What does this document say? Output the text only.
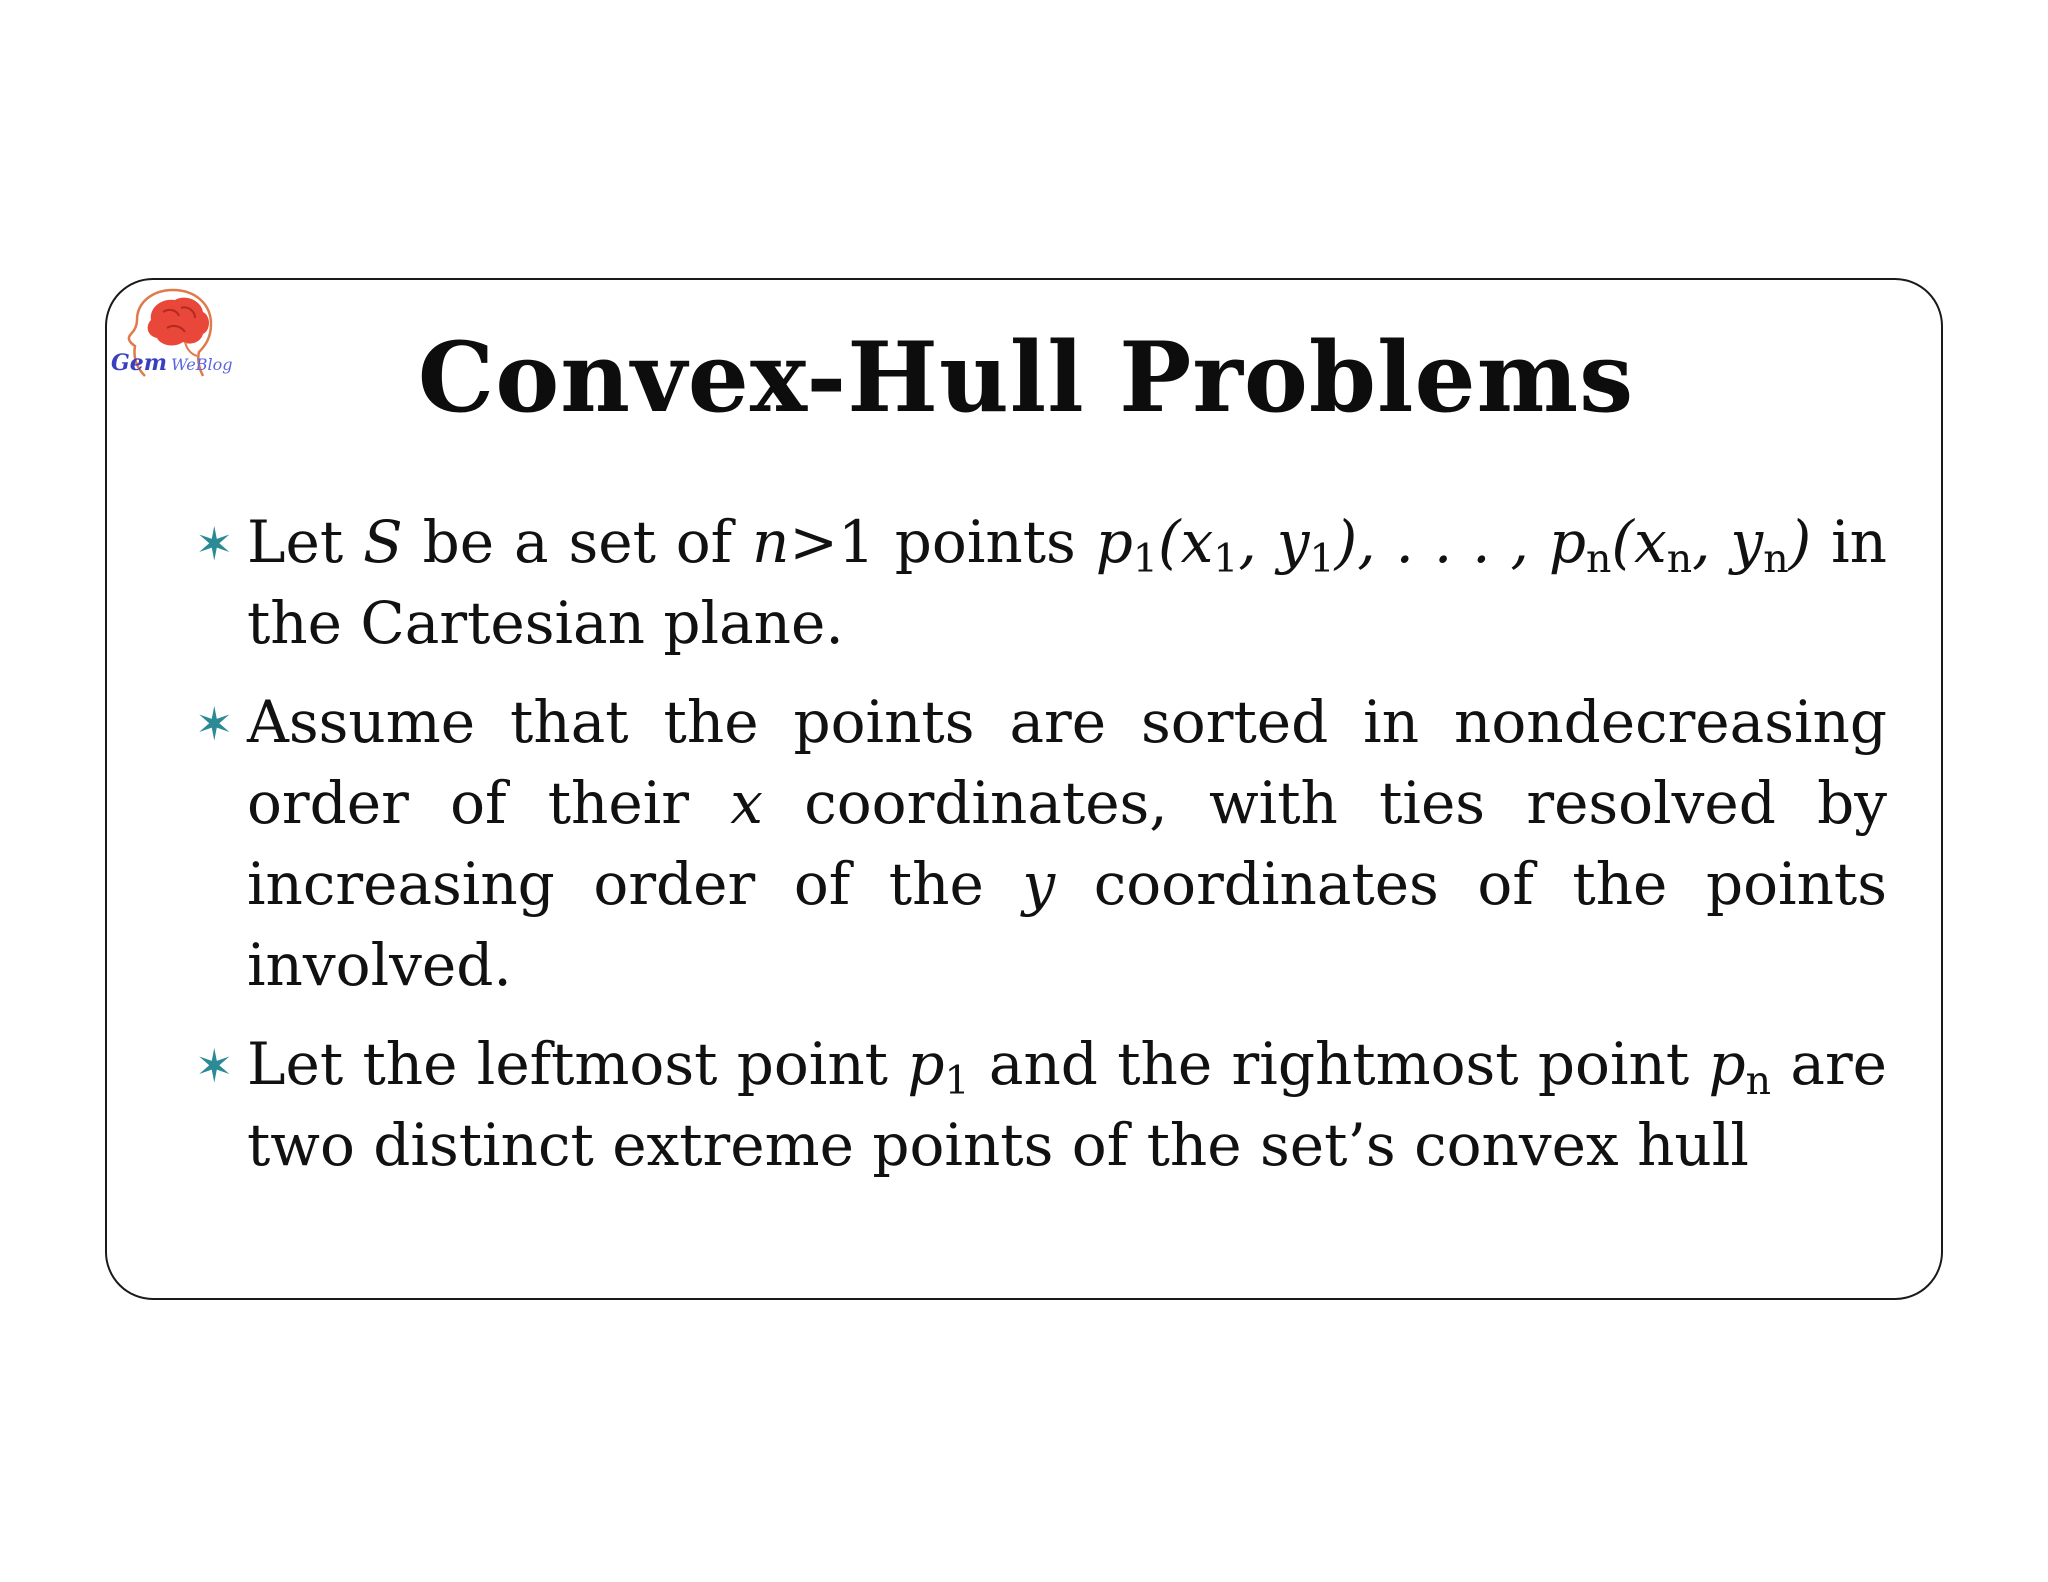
Gem WeBlog	Convex-Hull Problems
✶ Let S be a set of n>1 points $p_1(x_1$, $y_1$), . . . , $p_n(x_n$, $y_n$) in the Cartesian plane.
✶ Assume that the points are sorted in nondecreasing order of their x coordinates, with ties resolved by increasing order of the y coordinates of the points involved.
✶ Let the leftmost point $p_1$ and the rightmost point $p_n$ are two distinct extreme points of the set’s convex hull
